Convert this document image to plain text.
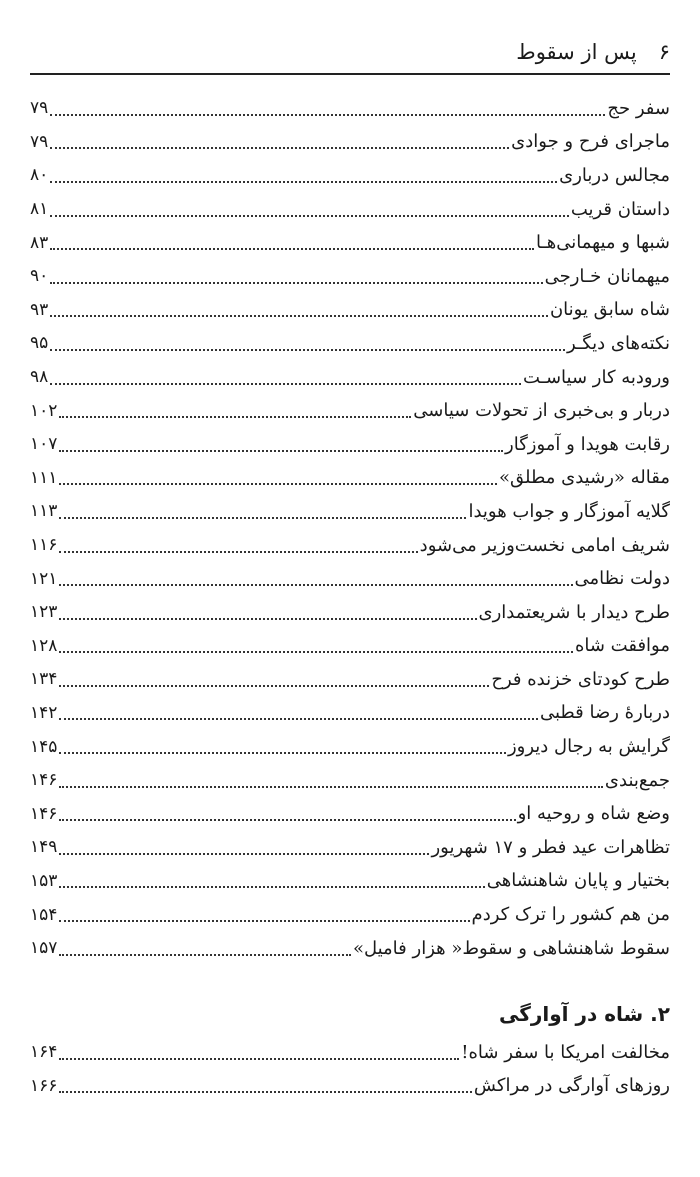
۶
پس از سقوط
سفر حج
۷۹
ماجرای فرح و جوادی
۷۹
مجالس درباری
۸۰
داستان قریب
۸۱
شبها و میهمانی‌هـا
۸۳
میهمانان خـارجی
۹۰
شاه سابق یونان
۹۳
نکته‌های دیگـر
۹۵
ورودبه کار سیاسـت
۹۸
دربار و بی‌خبری از تحولات سیاسی
۱۰۲
رقابت هویدا و آموزگار
۱۰۷
مقاله «رشیدی مطلق»
۱۱۱
گلایه آموزگار و جواب هویدا
۱۱۳
شریف امامی نخست‌وزیر می‌شود
۱۱۶
دولت نظامی
۱۲۱
طرح دیدار با شریعتمداری
۱۲۳
موافقت شاه
۱۲۸
طرح کودتای خزنده فرح
۱۳۴
دربارهٔ رضا قطبی
۱۴۲
گرایش به رجال دیروز
۱۴۵
جمع‌بندی
۱۴۶
وضع شاه و روحیه او
۱۴۶
تظاهرات عید فطر و ۱۷ شهریور
۱۴۹
بختیار و پایان شاهنشاهی
۱۵۳
من هم کشور را ترک کردم
۱۵۴
سقوط شاهنشاهی و سقوط« هزار فامیل»
۱۵۷
۲. شاه در آوارگی
مخالفت امریکا با سفر شاه!
۱۶۴
روزهای آوارگی در مراکش
۱۶۶
